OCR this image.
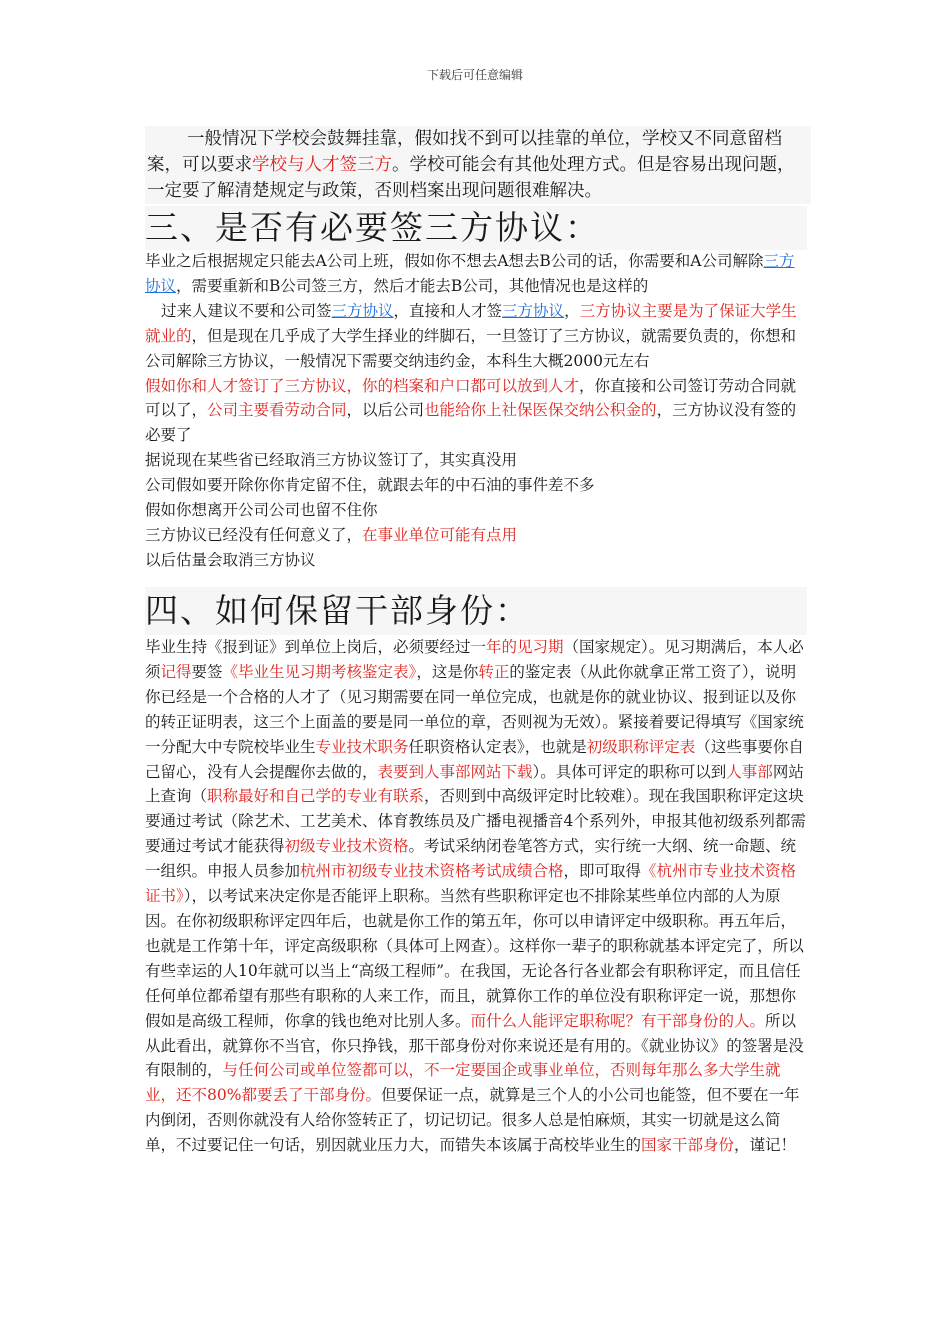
下载后可任意编辑

一般情况下学校会鼓舞挂靠，假如找不到可以挂靠的单位，学校又不同意留档案，可以要求学校与人才签三方。学校可能会有其他处理方式。但是容易出现问题，一定要了解清楚规定与政策，否则档案出现问题很难解决。

三、是否有必要签三方协议：

毕业之后根据规定只能去A公司上班，假如你不想去A想去B公司的话，你需要和A公司解除三方协议，需要重新和B公司签三方，然后才能去B公司，其他情况也是这样的

过来人建议不要和公司签三方协议，直接和人才签三方协议，三方协议主要是为了保证大学生就业的，但是现在几乎成了大学生择业的绊脚石，一旦签订了三方协议，就需要负责的，你想和公司解除三方协议，一般情况下需要交纳违约金，本科生大概2000元左右

假如你和人才签订了三方协议，你的档案和户口都可以放到人才，你直接和公司签订劳动合同就可以了，公司主要看劳动合同，以后公司也能给你上社保医保交纳公积金的，三方协议没有签的必要了

据说现在某些省已经取消三方协议签订了，其实真没用

公司假如要开除你你肯定留不住，就跟去年的中石油的事件差不多

假如你想离开公司公司也留不住你

三方协议已经没有任何意义了，在事业单位可能有点用

以后估量会取消三方协议

四、如何保留干部身份：

毕业生持《报到证》到单位上岗后，必须要经过一年的见习期（国家规定）。见习期满后，本人必须记得要签《毕业生见习期考核鉴定表》，这是你转正的鉴定表（从此你就拿正常工资了），说明你已经是一个合格的人才了（见习期需要在同一单位完成，也就是你的就业协议、报到证以及你的转正证明表，这三个上面盖的要是同一单位的章，否则视为无效）。紧接着要记得填写《国家统一分配大中专院校毕业生专业技术职务任职资格认定表》，也就是初级职称评定表（这些事要你自己留心，没有人会提醒你去做的，表要到人事部网站下载）。具体可评定的职称可以到人事部网站上查询（职称最好和自己学的专业有联系，否则到中高级评定时比较难）。现在我国职称评定这块要通过考试（除艺术、工艺美术、体育教练员及广播电视播音4个系列外，申报其他初级系列都需要通过考试才能获得初级专业技术资格。考试采纳闭卷笔答方式，实行统一大纲、统一命题、统一组织。申报人员参加杭州市初级专业技术资格考试成绩合格，即可取得《杭州市专业技术资格证书》），以考试来决定你是否能评上职称。当然有些职称评定也不排除某些单位内部的人为原因。在你初级职称评定四年后，也就是你工作的第五年，你可以申请评定中级职称。再五年后，也就是工作第十年，评定高级职称（具体可上网查）。这样你一辈子的职称就基本评定完了，所以有些幸运的人10年就可以当上“高级工程师”。在我国，无论各行各业都会有职称评定，而且信任任何单位都希望有那些有职称的人来工作，而且，就算你工作的单位没有职称评定一说，那想你假如是高级工程师，你拿的钱也绝对比别人多。而什么人能评定职称呢？有干部身份的人。所以从此看出，就算你不当官，你只挣钱，那干部身份对你来说还是有用的。《就业协议》的签署是没有限制的，与任何公司或单位签都可以，不一定要国企或事业单位，否则每年那么多大学生就业，还不80%都要丢了干部身份。但要保证一点，就算是三个人的小公司也能签，但不要在一年内倒闭，否则你就没有人给你签转正了，切记切记。很多人总是怕麻烦，其实一切就是这么简单，不过要记住一句话，别因就业压力大，而错失本该属于高校毕业生的国家干部身份，谨记！
